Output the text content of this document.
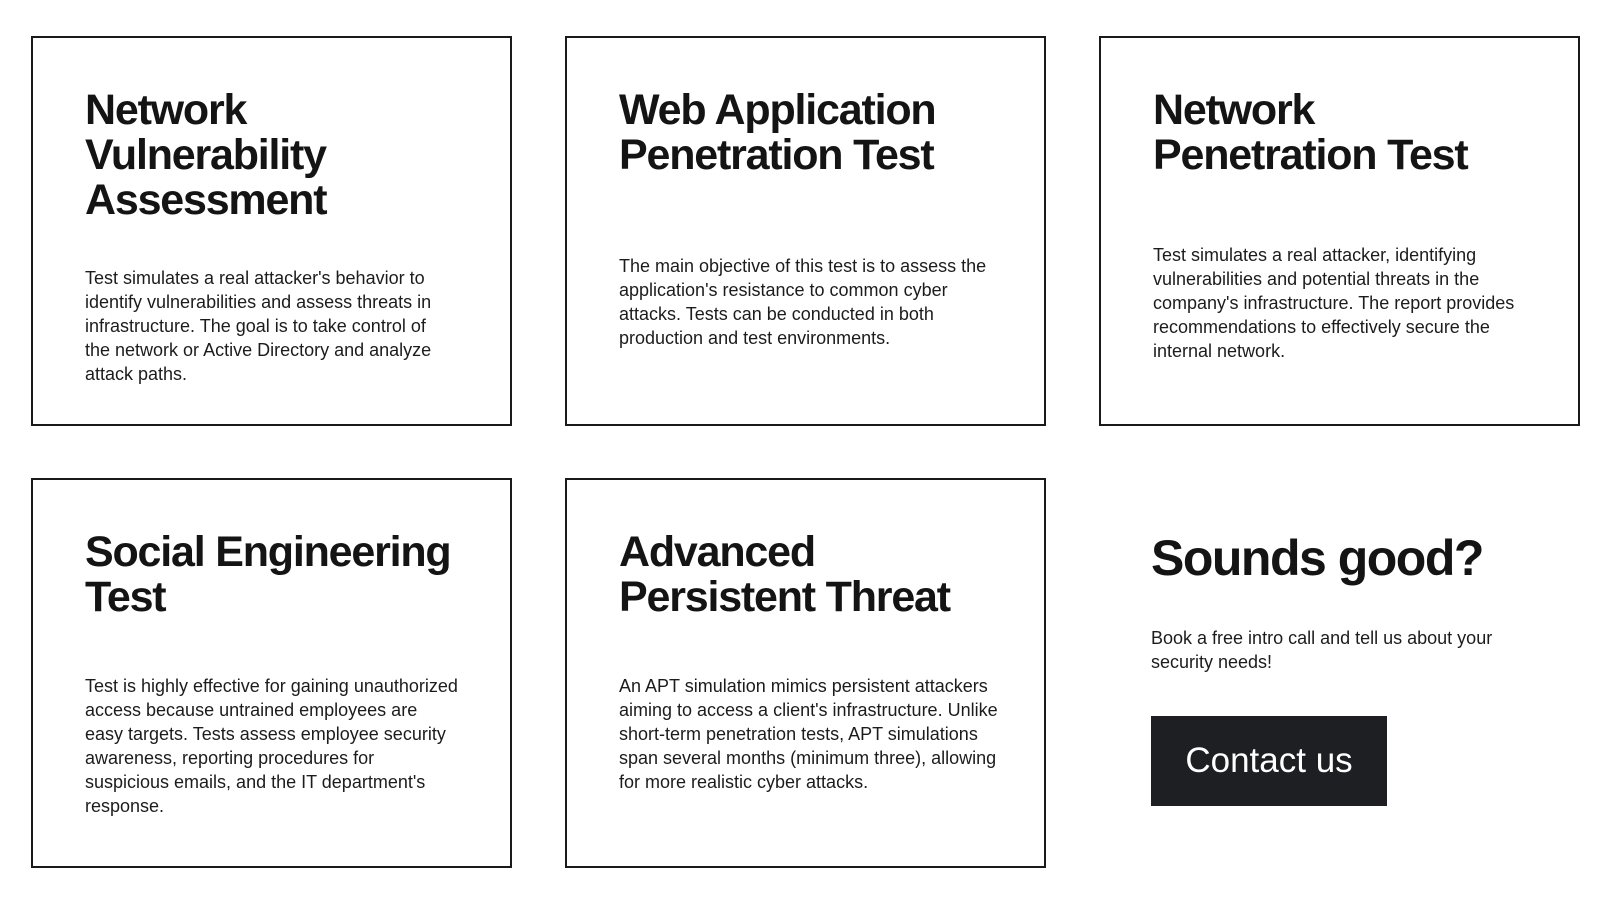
Network Vulnerability Assessment

Test simulates a real attacker's behavior to identify vulnerabilities and assess threats in infrastructure. The goal is to take control of the network or Active Directory and analyze attack paths.

Web Application Penetration Test

The main objective of this test is to assess the application's resistance to common cyber attacks. Tests can be conducted in both production and test environments.

Network Penetration Test

Test simulates a real attacker, identifying vulnerabilities and potential threats in the company's infrastructure. The report provides recommendations to effectively secure the internal network.

Social Engineering Test

Test is highly effective for gaining unauthorized access because untrained employees are easy targets. Tests assess employee security awareness, reporting procedures for suspicious emails, and the IT department's response.

Advanced Persistent Threat

An APT simulation mimics persistent attackers aiming to access a client's infrastructure. Unlike short-term penetration tests, APT simulations span several months (minimum three), allowing for more realistic cyber attacks.

Sounds good?

Book a free intro call and tell us about your security needs!

Contact us
